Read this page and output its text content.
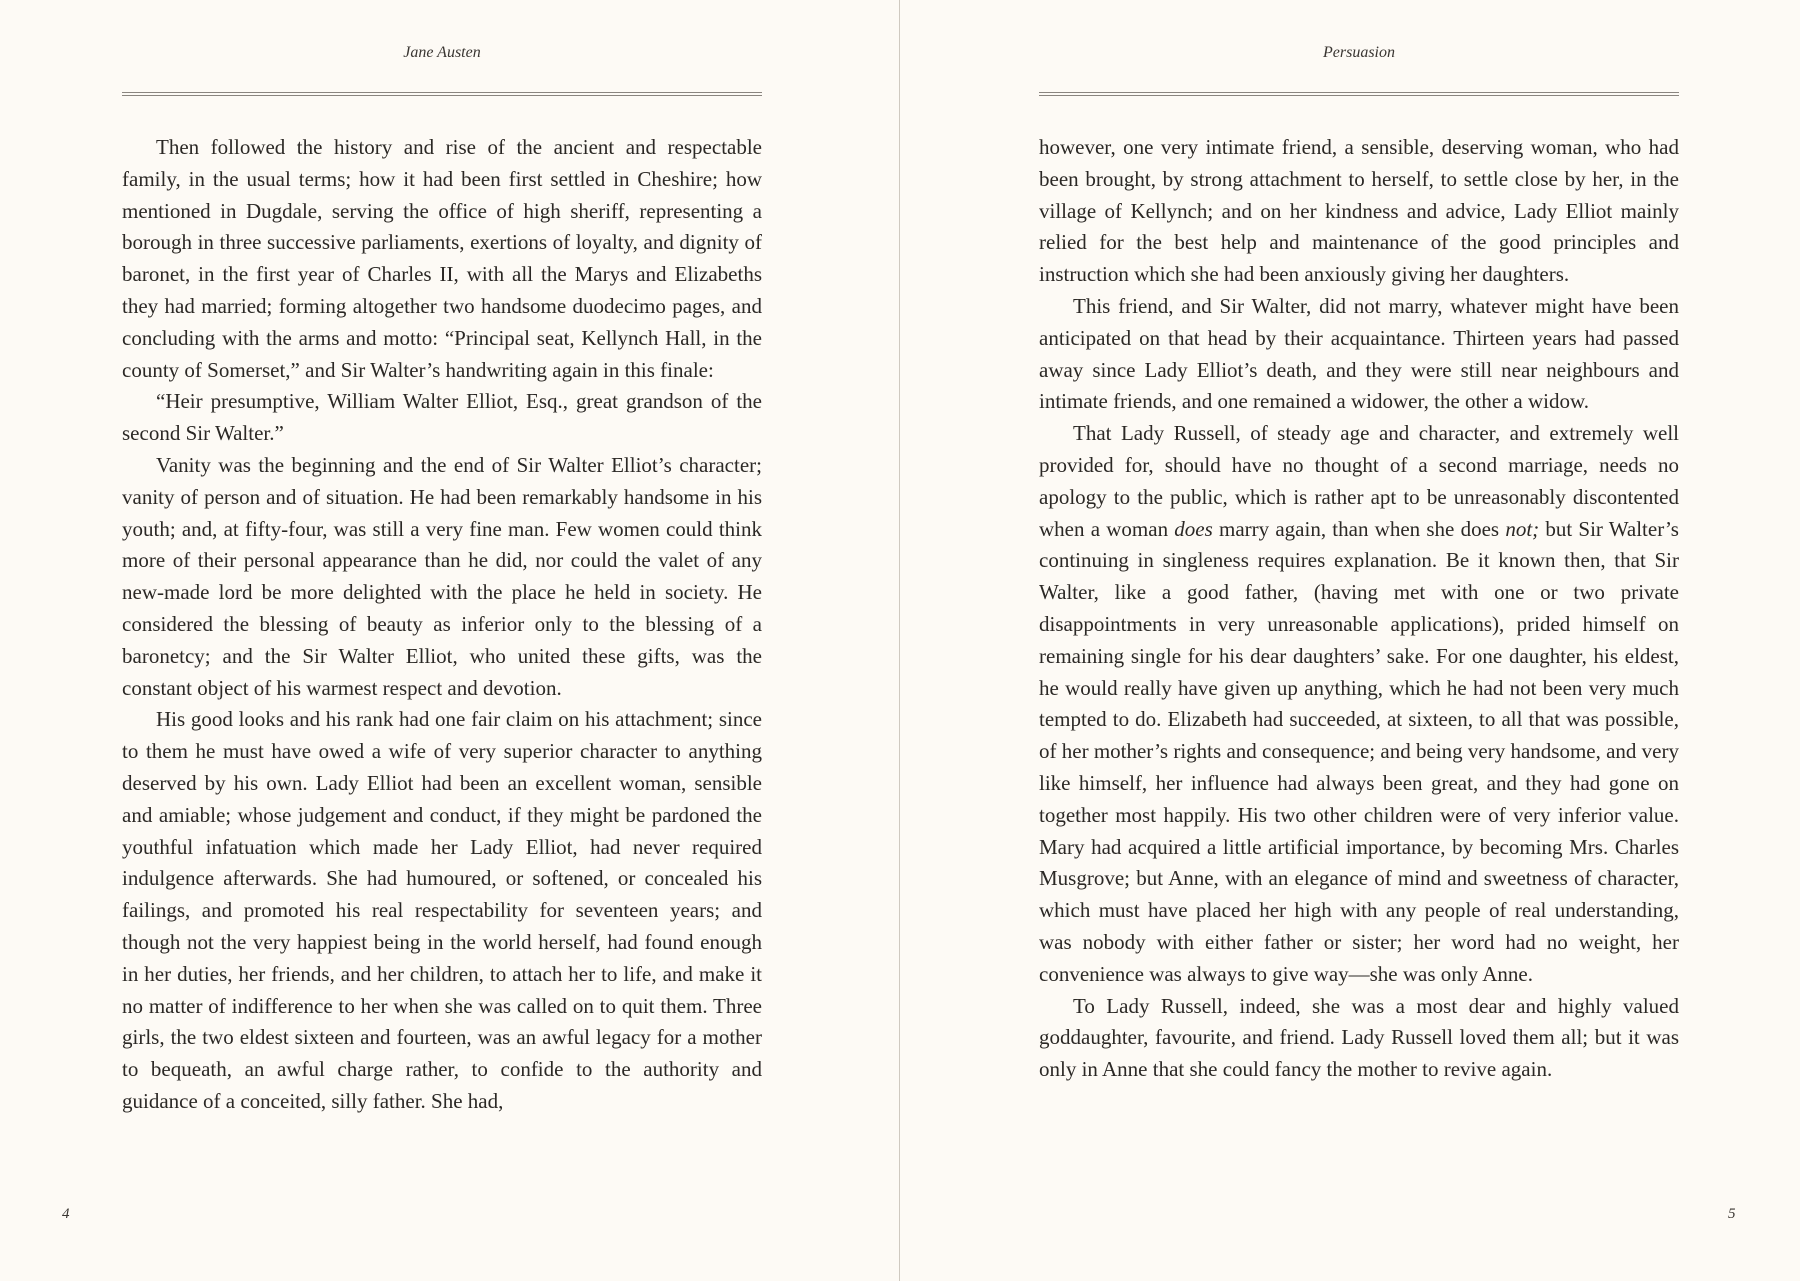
Jane Austen

Then followed the history and rise of the ancient and respectable family, in the usual terms; how it had been first settled in Cheshire; how mentioned in Dugdale, serving the office of high sheriff, representing a borough in three successive parliaments, exertions of loyalty, and dignity of baronet, in the first year of Charles II, with all the Marys and Elizabeths they had married; forming altogether two handsome duodecimo pages, and concluding with the arms and motto: “Principal seat, Kellynch Hall, in the county of Somerset,” and Sir Walter’s handwriting again in this finale:

“Heir presumptive, William Walter Elliot, Esq., great grandson of the second Sir Walter.”

Vanity was the beginning and the end of Sir Walter Elliot’s character; vanity of person and of situation. He had been remarkably handsome in his youth; and, at fifty-four, was still a very fine man. Few women could think more of their personal appearance than he did, nor could the valet of any new-made lord be more delighted with the place he held in society. He considered the blessing of beauty as inferior only to the blessing of a baronetcy; and the Sir Walter Elliot, who united these gifts, was the constant object of his warmest respect and devotion.

His good looks and his rank had one fair claim on his attachment; since to them he must have owed a wife of very superior character to anything deserved by his own. Lady Elliot had been an excellent woman, sensible and amiable; whose judgement and conduct, if they might be pardoned the youthful infatuation which made her Lady Elliot, had never required indulgence afterwards. She had humoured, or softened, or concealed his failings, and promoted his real respectability for seventeen years; and though not the very happiest being in the world herself, had found enough in her duties, her friends, and her children, to attach her to life, and make it no matter of indifference to her when she was called on to quit them. Three girls, the two eldest sixteen and fourteen, was an awful legacy for a mother to bequeath, an awful charge rather, to confide to the authority and guidance of a conceited, silly father. She had,

Persuasion

however, one very intimate friend, a sensible, deserving woman, who had been brought, by strong attachment to herself, to settle close by her, in the village of Kellynch; and on her kindness and advice, Lady Elliot mainly relied for the best help and maintenance of the good principles and instruction which she had been anxiously giving her daughters.

This friend, and Sir Walter, did not marry, whatever might have been anticipated on that head by their acquaintance. Thirteen years had passed away since Lady Elliot’s death, and they were still near neighbours and intimate friends, and one remained a widower, the other a widow.

That Lady Russell, of steady age and character, and extremely well provided for, should have no thought of a second marriage, needs no apology to the public, which is rather apt to be unreasonably discontented when a woman does marry again, than when she does not; but Sir Walter’s continuing in singleness requires explanation. Be it known then, that Sir Walter, like a good father, (having met with one or two private disappointments in very unreasonable applications), prided himself on remaining single for his dear daughters’ sake. For one daughter, his eldest, he would really have given up anything, which he had not been very much tempted to do. Elizabeth had succeeded, at sixteen, to all that was possible, of her mother’s rights and consequence; and being very handsome, and very like himself, her influence had always been great, and they had gone on together most happily. His two other children were of very inferior value. Mary had acquired a little artificial importance, by becoming Mrs. Charles Musgrove; but Anne, with an elegance of mind and sweetness of character, which must have placed her high with any people of real understanding, was nobody with either father or sister; her word had no weight, her convenience was always to give way—she was only Anne.

To Lady Russell, indeed, she was a most dear and highly valued goddaughter, favourite, and friend. Lady Russell loved them all; but it was only in Anne that she could fancy the mother to revive again.

4	5
